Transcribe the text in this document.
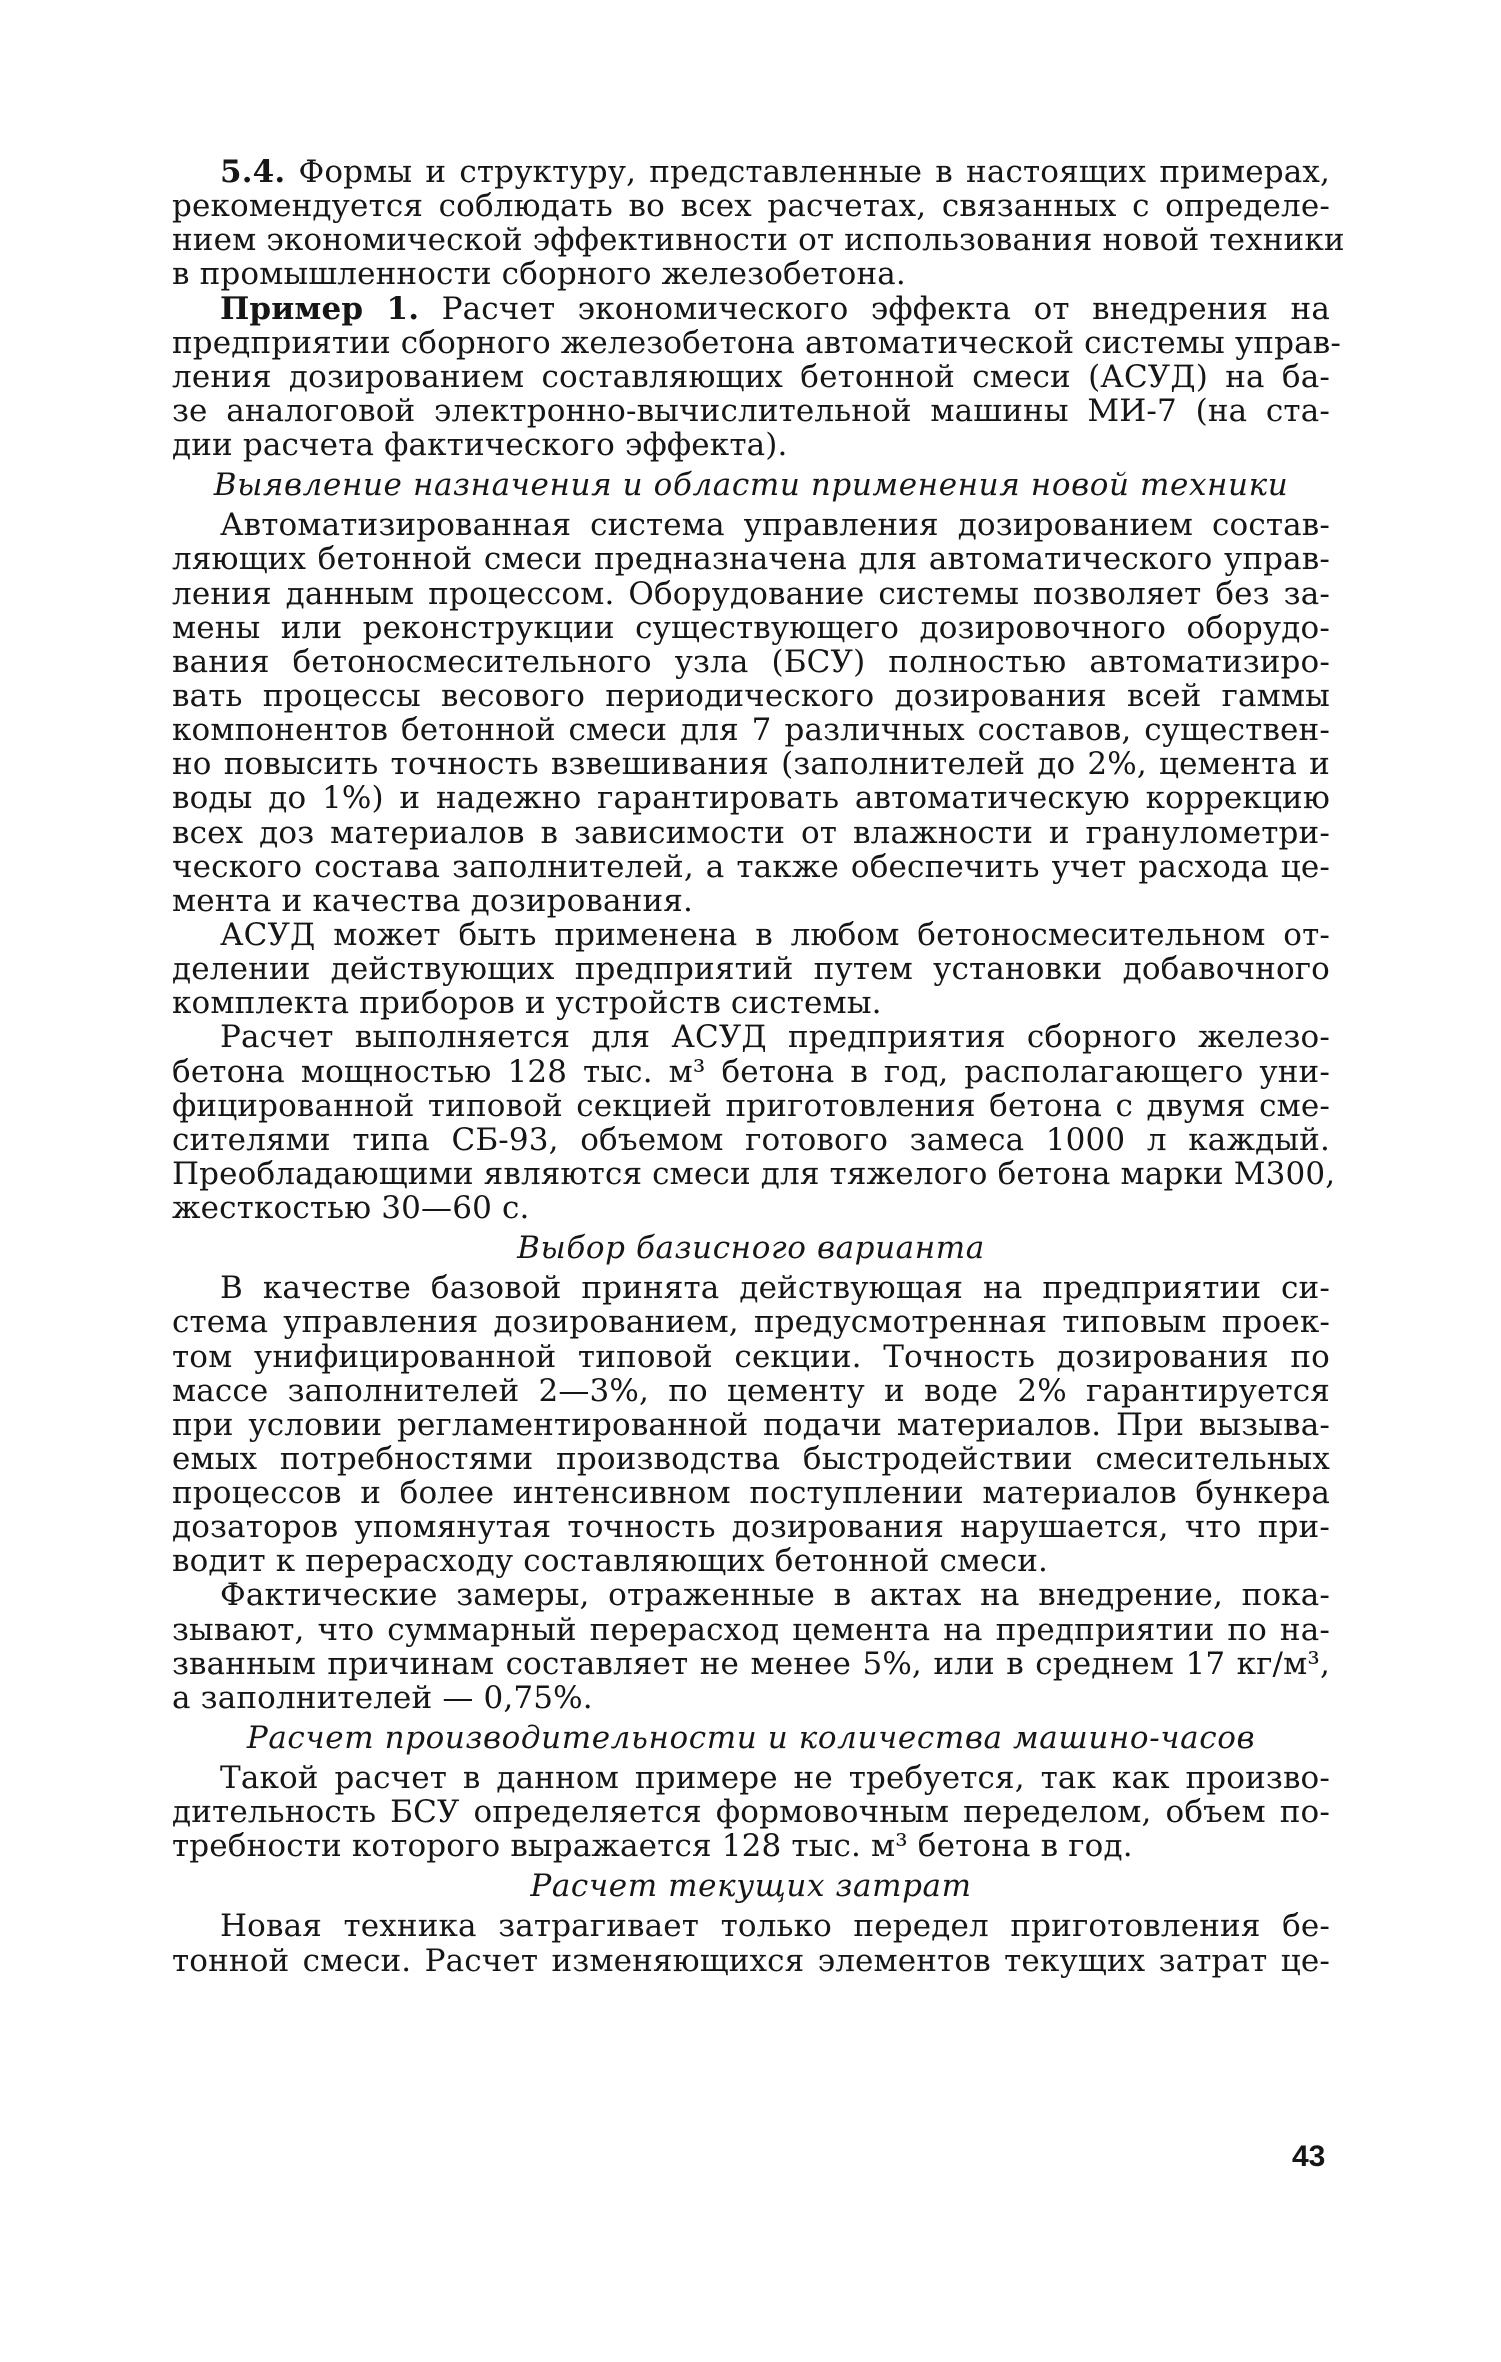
5.4. Формы и структуру, представленные в настоящих примерах,
рекомендуется соблюдать во всех расчетах, связанных с определе-
нием экономической эффективности от использования новой техники
в промышленности сборного железобетона.
Пример 1. Расчет экономического эффекта от внедрения на
предприятии сборного железобетона автоматической системы управ-
ления дозированием составляющих бетонной смеси (АСУД) на ба-
зе аналоговой электронно-вычислительной машины МИ-7 (на ста-
дии расчета фактического эффекта).
Выявление назначения и области применения новой техники
Автоматизированная система управления дозированием состав-
ляющих бетонной смеси предназначена для автоматического управ-
ления данным процессом. Оборудование системы позволяет без за-
мены или реконструкции существующего дозировочного оборудо-
вания бетоносмесительного узла (БСУ) полностью автоматизиро-
вать процессы весового периодического дозирования всей гаммы
компонентов бетонной смеси для 7 различных составов, существен-
но повысить точность взвешивания (заполнителей до 2%, цемента и
воды до 1%) и надежно гарантировать автоматическую коррекцию
всех доз материалов в зависимости от влажности и гранулометри-
ческого состава заполнителей, а также обеспечить учет расхода це-
мента и качества дозирования.
АСУД может быть применена в любом бетоносмесительном от-
делении действующих предприятий путем установки добавочного
комплекта приборов и устройств системы.
Расчет выполняется для АСУД предприятия сборного железо-
бетона мощностью 128 тыс. м³ бетона в год, располагающего уни-
фицированной типовой секцией приготовления бетона с двумя сме-
сителями типа СБ-93, объемом готового замеса 1000 л каждый.
Преобладающими являются смеси для тяжелого бетона марки М300,
жесткостью 30—60 с.
Выбор базисного варианта
В качестве базовой принята действующая на предприятии си-
стема управления дозированием, предусмотренная типовым проек-
том унифицированной типовой секции. Точность дозирования по
массе заполнителей 2—3%, по цементу и воде 2% гарантируется
при условии регламентированной подачи материалов. При вызыва-
емых потребностями производства быстродействии смесительных
процессов и более интенсивном поступлении материалов бункера
дозаторов упомянутая точность дозирования нарушается, что при-
водит к перерасходу составляющих бетонной смеси.
Фактические замеры, отраженные в актах на внедрение, пока-
зывают, что суммарный перерасход цемента на предприятии по на-
званным причинам составляет не менее 5%, или в среднем 17 кг/м³,
а заполнителей — 0,75%.
Расчет производительности и количества машино-часов
Такой расчет в данном примере не требуется, так как произво-
дительность БСУ определяется формовочным переделом, объем по-
требности которого выражается 128 тыс. м³ бетона в год.
Расчет текущих затрат
Новая техника затрагивает только передел приготовления бе-
тонной смеси. Расчет изменяющихся элементов текущих затрат це-
43
